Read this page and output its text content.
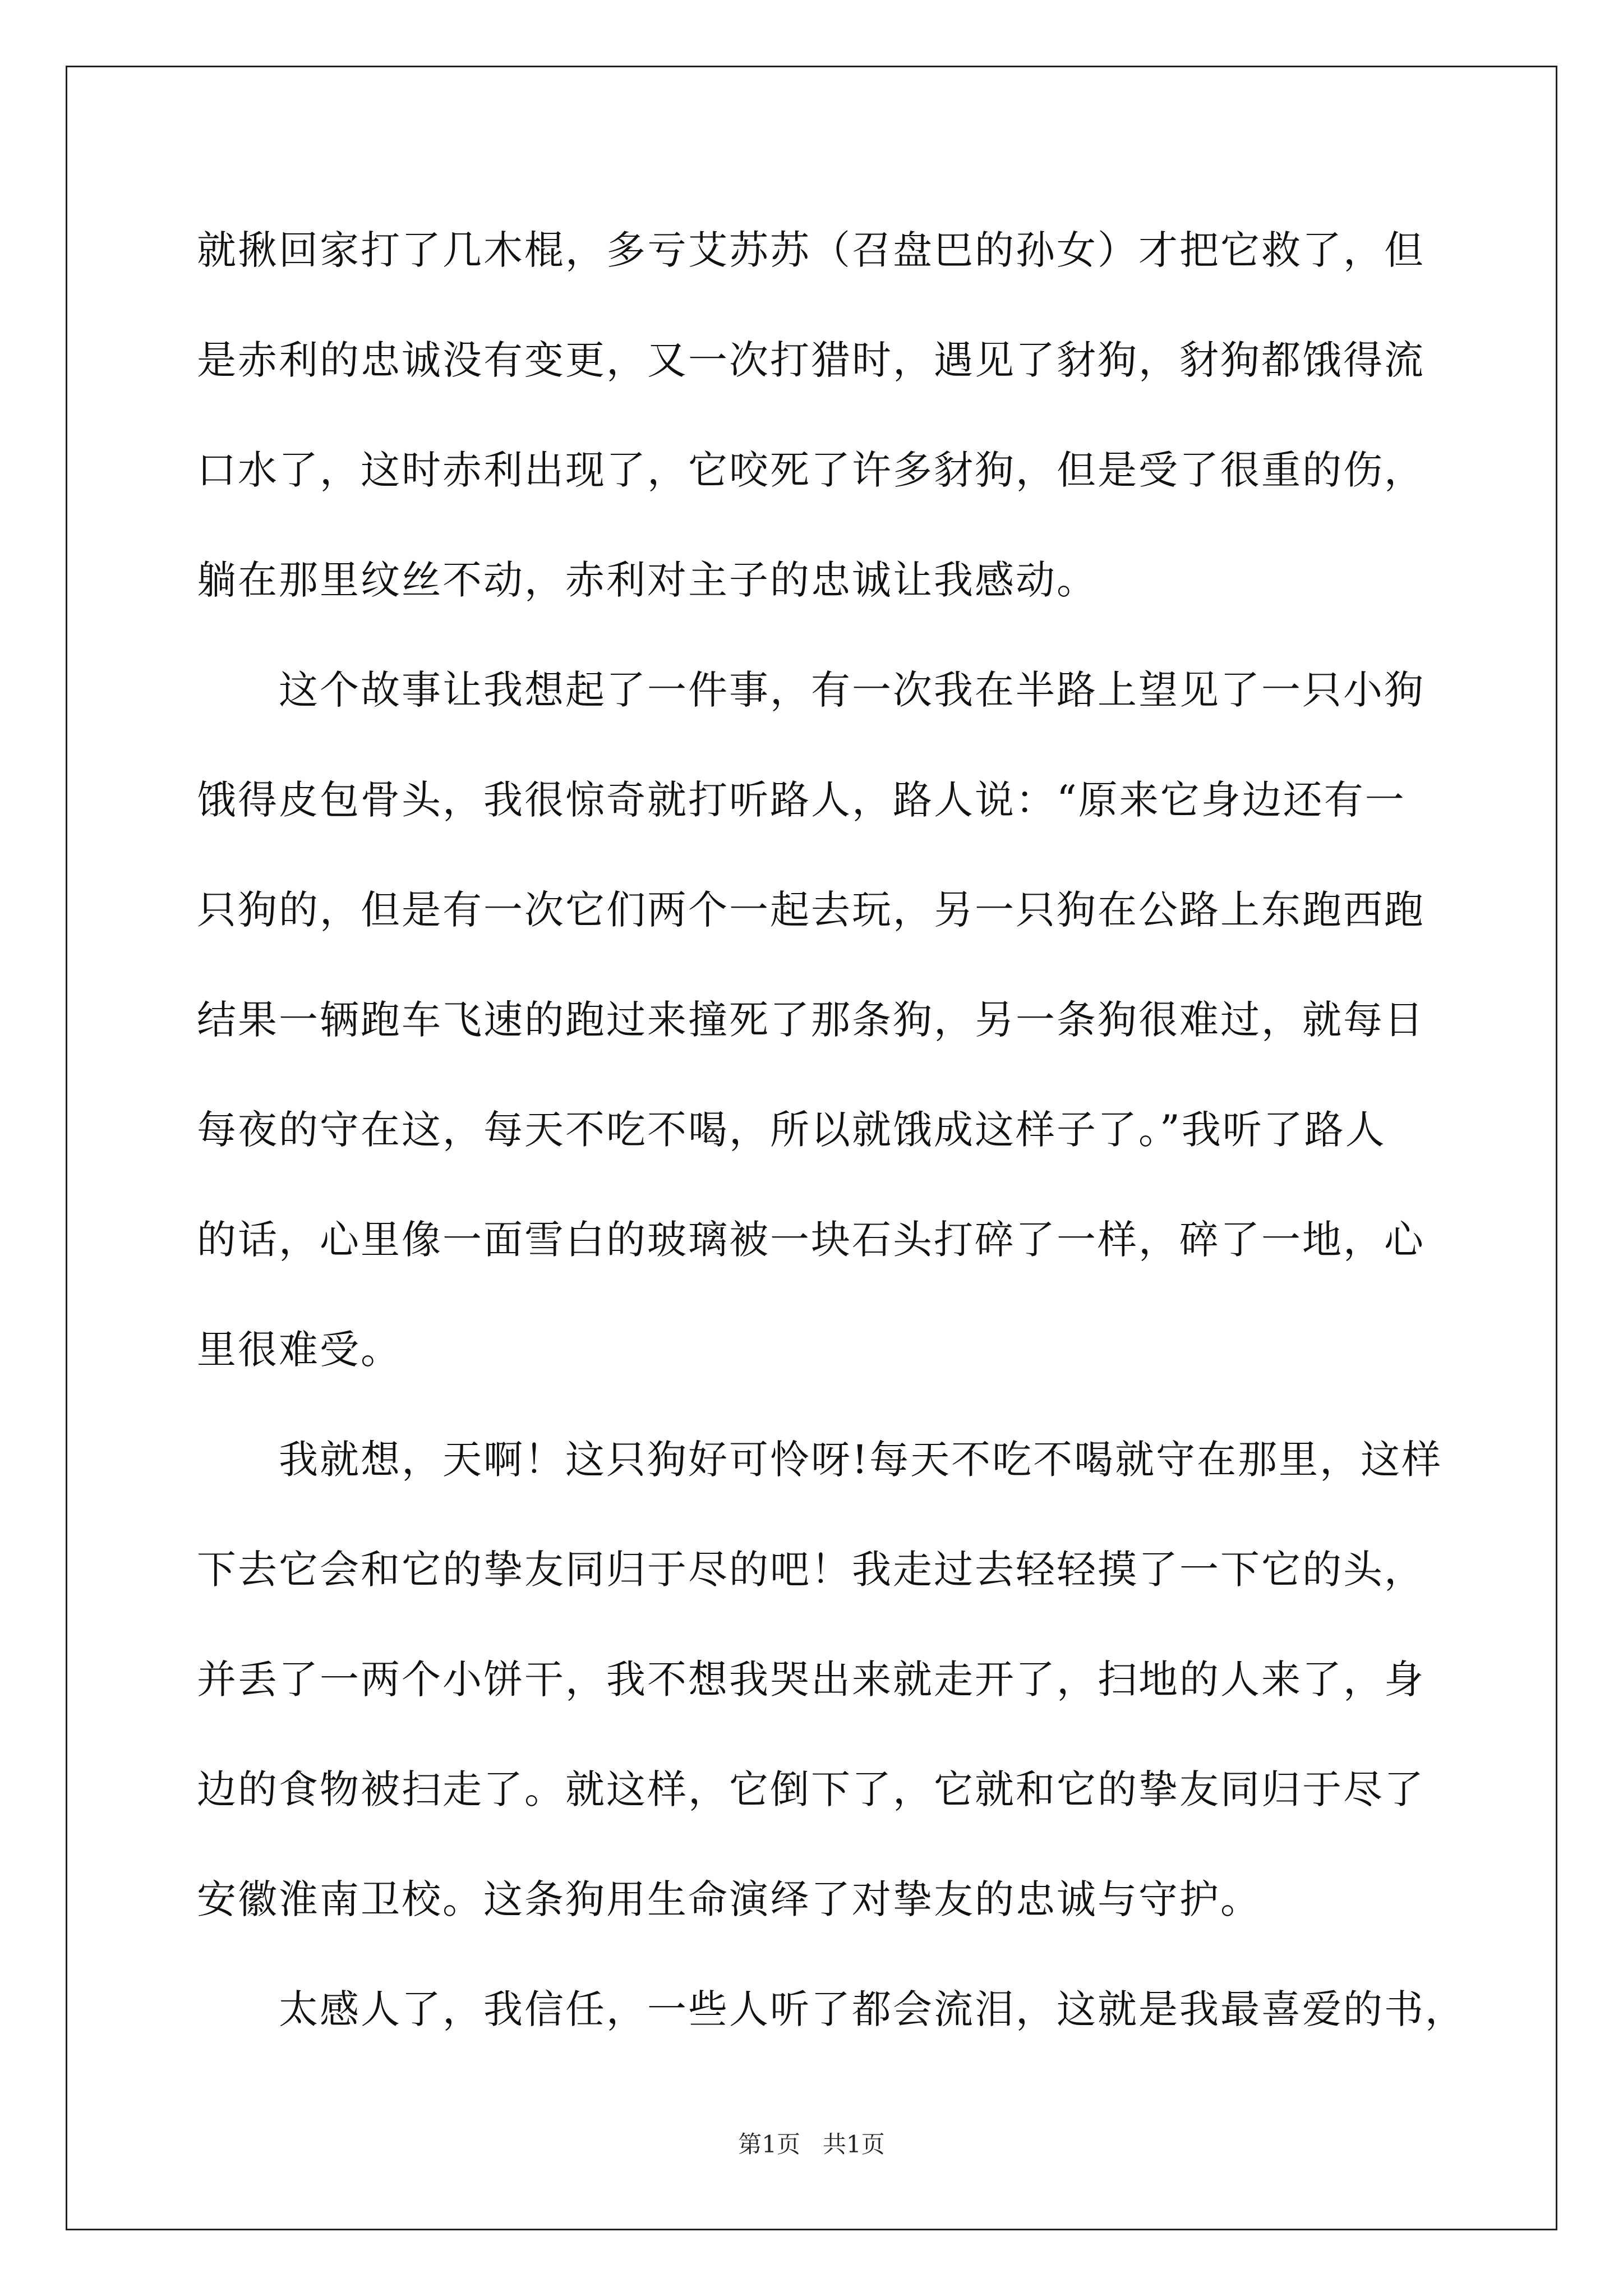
就揪回家打了几木棍，多亏艾苏苏（召盘巴的孙女）才把它救了，但
是赤利的忠诚没有变更，又一次打猎时，遇见了豺狗，豺狗都饿得流
口水了，这时赤利出现了，它咬死了许多豺狗，但是受了很重的伤，
躺在那里纹丝不动，赤利对主子的忠诚让我感动。
这个故事让我想起了一件事，有一次我在半路上望见了一只小狗
饿得皮包骨头，我很惊奇就打听路人，路人说：“原来它身边还有一
只狗的，但是有一次它们两个一起去玩，另一只狗在公路上东跑西跑
结果一辆跑车飞速的跑过来撞死了那条狗，另一条狗很难过，就每日
每夜的守在这，每天不吃不喝，所以就饿成这样子了。”我听了路人
的话，心里像一面雪白的玻璃被一块石头打碎了一样，碎了一地，心
里很难受。
我就想，天啊！这只狗好可怜呀!每天不吃不喝就守在那里，这样
下去它会和它的挚友同归于尽的吧！我走过去轻轻摸了一下它的头，
并丢了一两个小饼干，我不想我哭出来就走开了，扫地的人来了，身
边的食物被扫走了。就这样，它倒下了，它就和它的挚友同归于尽了
安徽淮南卫校。这条狗用生命演绎了对挚友的忠诚与守护。
太感人了，我信任，一些人听了都会流泪，这就是我最喜爱的书，
第1页   共1页
